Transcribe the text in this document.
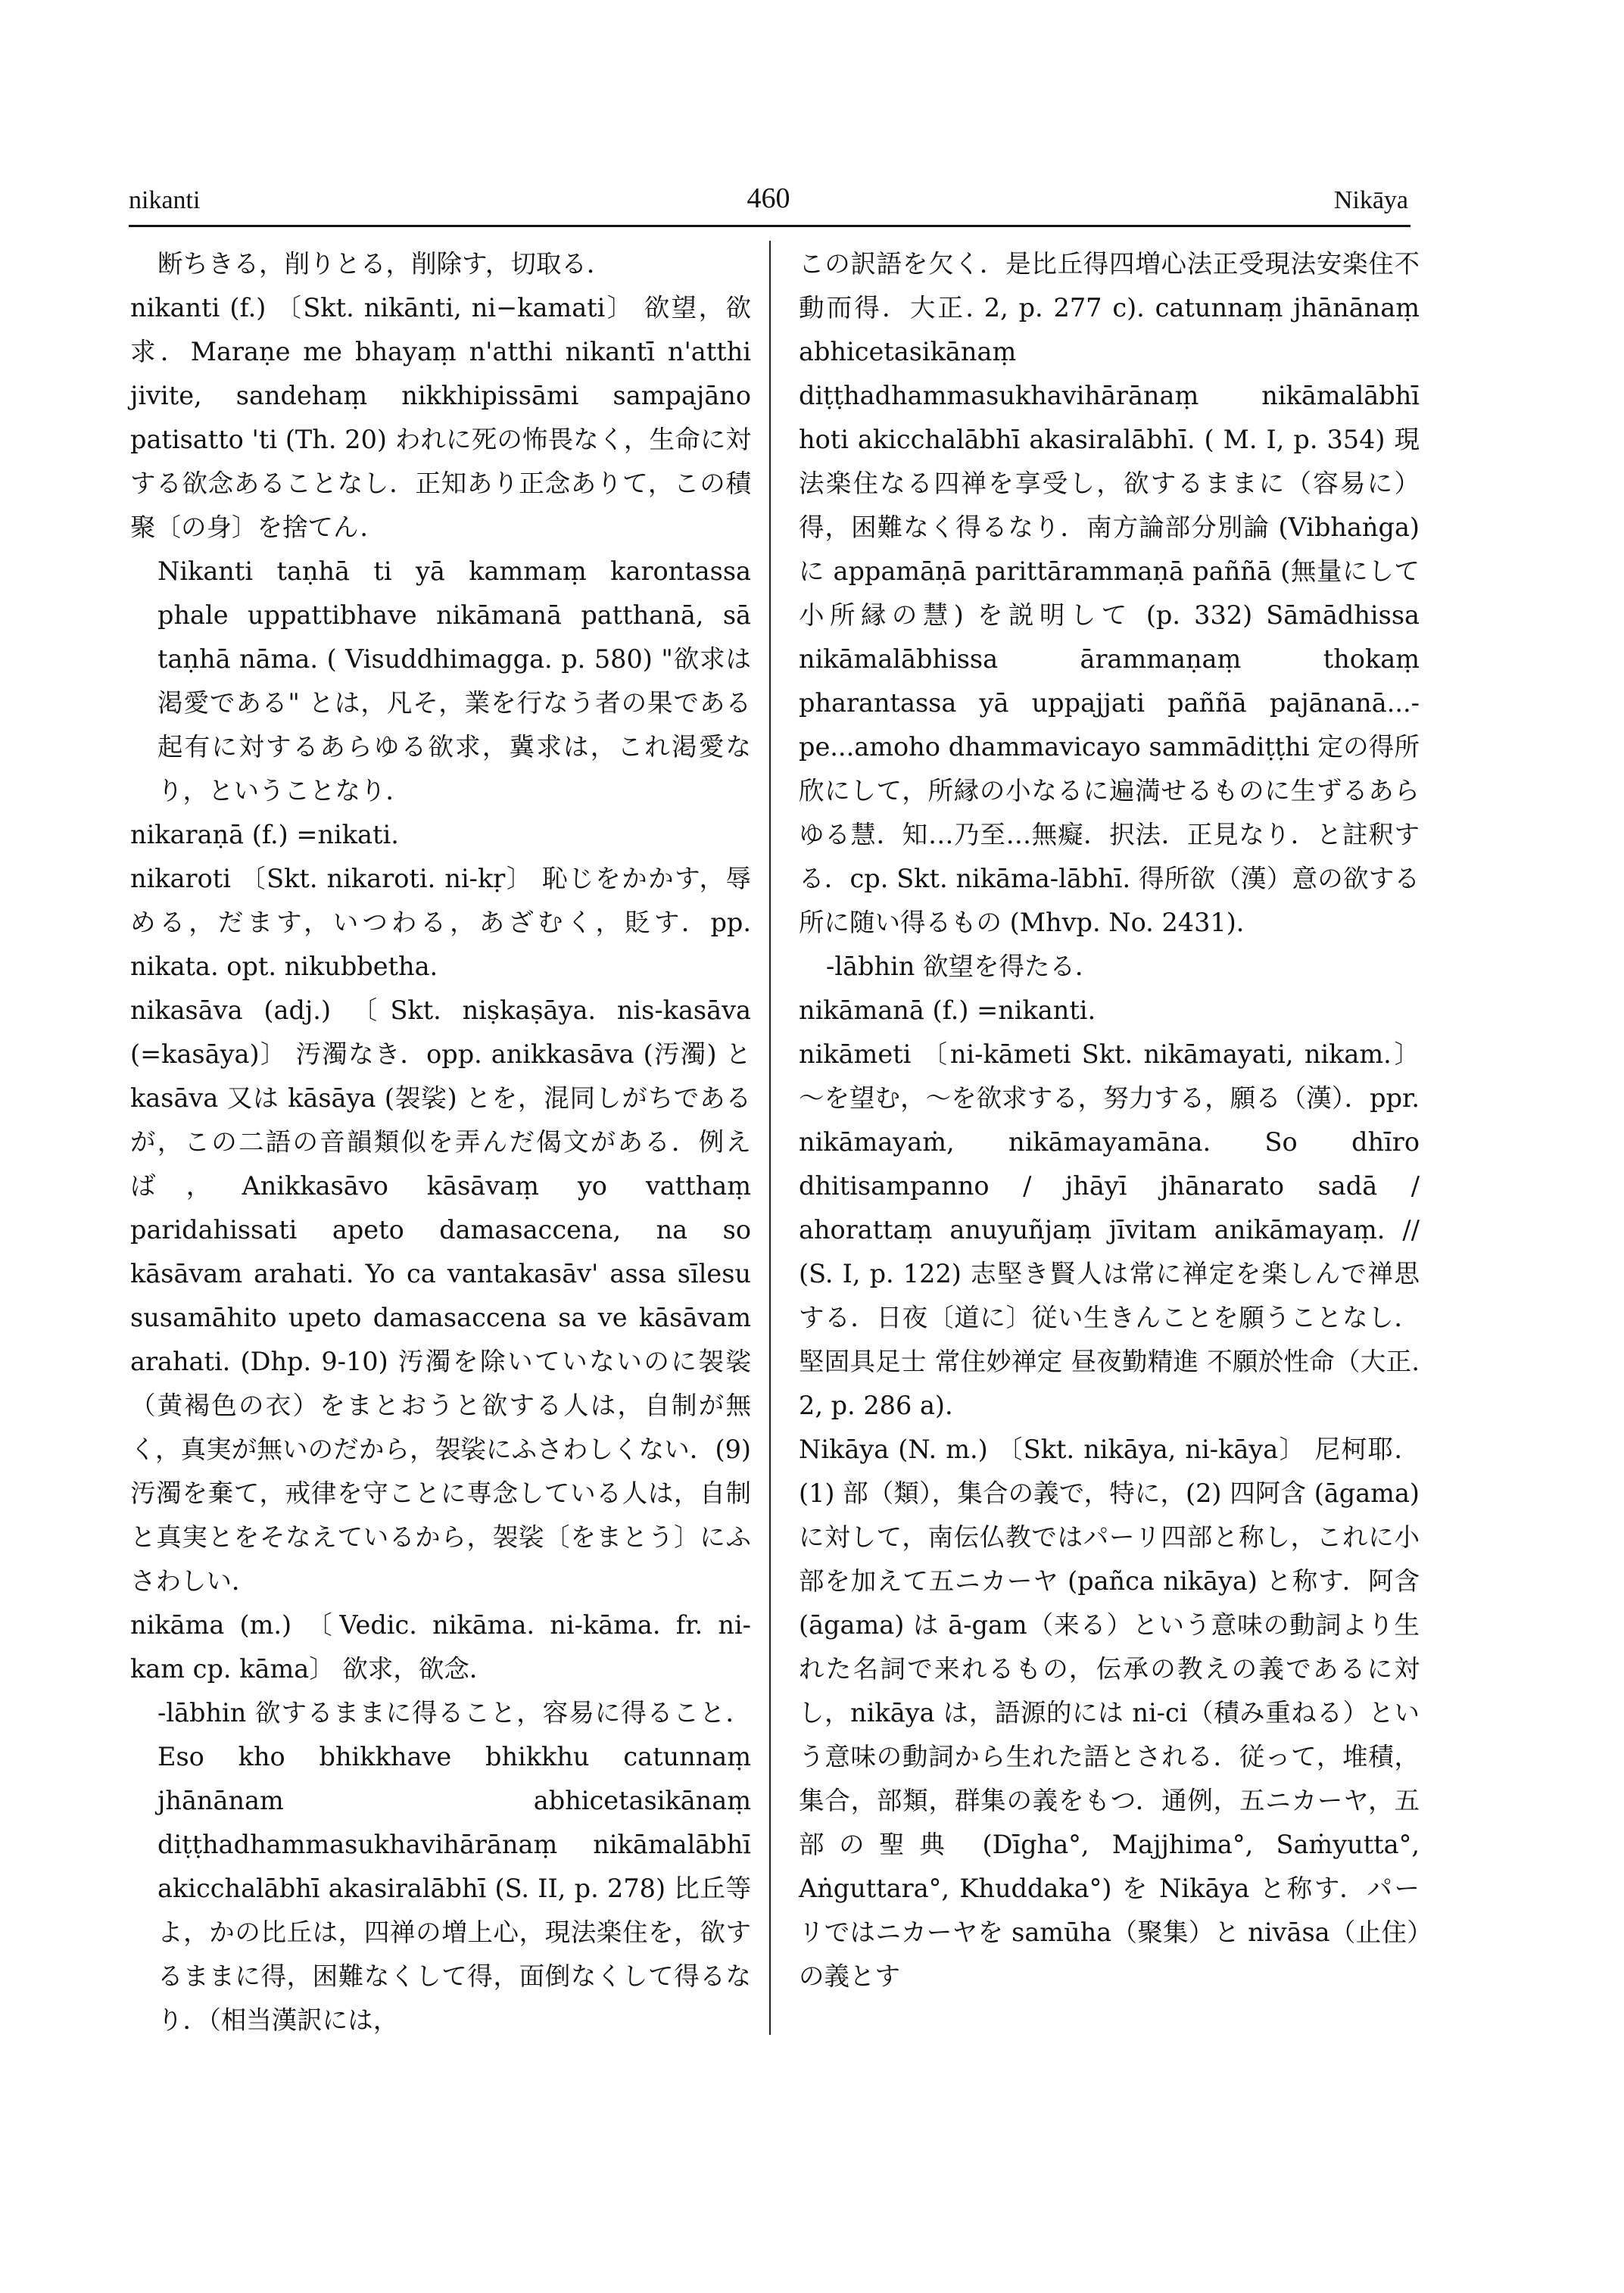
nikanti	460	Nikāya

断ちきる，削りとる，削除す，切取る．

nikanti (f.) 〔Skt. nikānti, ni−kamati〕 欲望，欲求．Maraṇe me bhayaṃ n'atthi nikantī n'atthi jivite, sandehaṃ nikkhipissāmi sampajāno patisatto 'ti (Th. 20) われに死の怖畏なく，生命に対する欲念あることなし．正知あり正念ありて，この積聚〔の身〕を捨てん．

Nikanti taṇhā ti yā kammaṃ karontassa phale uppattibhave nikāmanā patthanā, sā taṇhā nāma. ( Visuddhimagga. p. 580) "欲求は渇愛である" とは，凡そ，業を行なう者の果である起有に対するあらゆる欲求，冀求は，これ渇愛なり，ということなり．

nikaraṇā (f.) =nikati.

nikaroti 〔Skt. nikaroti. ni-kṛ〕 恥じをかかす，辱める，だます，いつわる，あざむく，貶す．pp. nikata. opt. nikubbetha.

nikasāva (adj.) 〔Skt. niṣkaṣāya. nis-kasāva (=kasāya)〕 汚濁なき．opp. anikkasāva (汚濁) と kasāva 又は kāsāya (袈裟) とを，混同しがちであるが，この二語の音韻類似を弄んだ偈文がある．例えば，Anikkasāvo kāsāvaṃ yo vatthaṃ paridahissati apeto damasaccena, na so kāsāvam arahati. Yo ca vantakasāv' assa sīlesu susamāhito upeto damasaccena sa ve kāsāvam arahati. (Dhp. 9-10) 汚濁を除いていないのに袈裟（黄褐色の衣）をまとおうと欲する人は，自制が無く，真実が無いのだから，袈裟にふさわしくない．(9) 汚濁を棄て，戒律を守ことに専念している人は，自制と真実とをそなえているから，袈裟〔をまとう〕にふさわしい．

nikāma (m.) 〔Vedic. nikāma. ni-kāma. fr. ni-kam cp. kāma〕 欲求，欲念．

-lābhin 欲するままに得ること，容易に得ること．Eso kho bhikkhave bhikkhu catunnaṃ jhānānam abhicetasikānaṃ diṭṭhadhammasukhavihārānaṃ nikāmalābhī akicchalābhī akasiralābhī (S. II, p. 278) 比丘等よ，かの比丘は，四禅の増上心，現法楽住を，欲するままに得，困難なくして得，面倒なくして得るなり．（相当漢訳には，

この訳語を欠く．是比丘得四増心法正受現法安楽住不動而得．大正. 2, p. 277 c). catunnaṃ jhānānaṃ abhicetasikānaṃ diṭṭhadhammasukhavihārānaṃ nikāmalābhī hoti akicchalābhī akasiralābhī. ( M. I, p. 354) 現法楽住なる四禅を享受し，欲するままに（容易に）得，困難なく得るなり．南方論部分別論 (Vibhaṅga) に appamāṇā parittārammaṇā paññā (無量にして小所縁の慧) を説明して (p. 332) Sāmādhissa nikāmalābhissa ārammaṇaṃ thokaṃ pharantassa yā uppajjati paññā pajānanā...-pe...amoho dhammavicayo sammādiṭṭhi 定の得所欣にして，所縁の小なるに遍満せるものに生ずるあらゆる慧．知…乃至…無癡．択法．正見なり．と註釈する．cp. Skt. nikāma-lābhī. 得所欲（漢）意の欲する所に随い得るもの (Mhvp. No. 2431).

-lābhin 欲望を得たる．

nikāmanā (f.) =nikanti.

nikāmeti 〔ni-kāmeti Skt. nikāmayati, nikam.〕 〜を望む，〜を欲求する，努力する，願る（漢）．ppr. nikāmayaṁ, nikāmayamāna. So dhīro dhitisampanno / jhāyī jhānarato sadā / ahorattaṃ anuyuñjaṃ jīvitam anikāmayaṃ. // (S. I, p. 122) 志堅き賢人は常に禅定を楽しんで禅思する．日夜〔道に〕従い生きんことを願うことなし．堅固具足士 常住妙禅定 昼夜勤精進 不願於性命（大正. 2, p. 286 a).

Nikāya (N. m.) 〔Skt. nikāya, ni-kāya〕 尼柯耶．(1) 部（類），集合の義で，特に，(2) 四阿含 (āgama) に対して，南伝仏教ではパーリ四部と称し，これに小部を加えて五ニカーヤ (pañca nikāya) と称す．阿含 (āgama) は ā-gam（来る）という意味の動詞より生れた名詞で来れるもの，伝承の教えの義であるに対し，nikāya は，語源的には ni-ci（積み重ねる）という意味の動詞から生れた語とされる．従って，堆積，集合，部類，群集の義をもつ．通例，五ニカーヤ，五部の聖典 (Dīgha°, Majjhima°, Saṁyutta°, Aṅguttara°, Khuddaka°) を Nikāya と称す．パーリではニカーヤを samūha（聚集）と nivāsa（止住）の義とす
